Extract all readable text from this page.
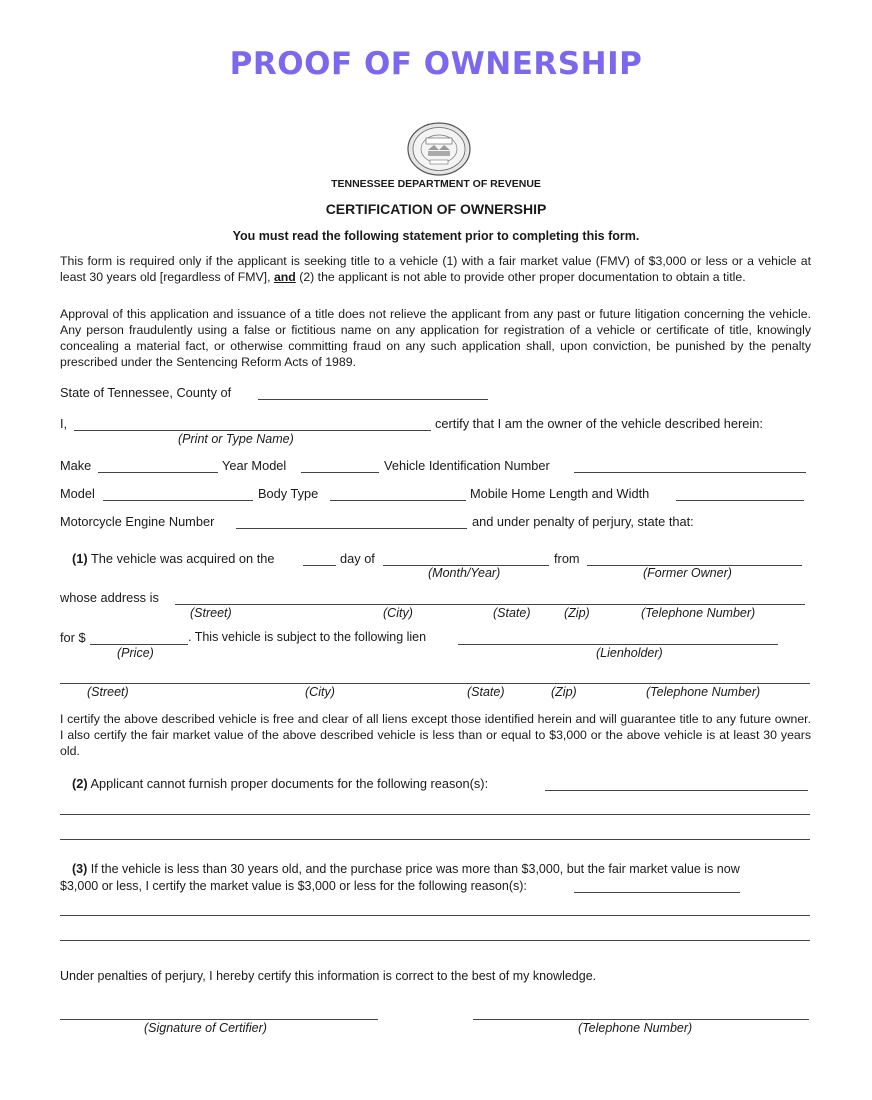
PROOF OF OWNERSHIP
TENNESSEE DEPARTMENT OF REVENUE
CERTIFICATION OF OWNERSHIP
You must read the following statement prior to completing this form.
This form is required only if the applicant is seeking title to a vehicle (1) with a fair market value (FMV) of $3,000 or less or a vehicle at least 30 years old [regardless of FMV], and (2) the applicant is not able to provide other proper documentation to obtain a title.
Approval of this application and issuance of a title does not relieve the applicant from any past or future litigation concerning the vehicle. Any person fraudulently using a false or fictitious name on any application for registration of a vehicle or certificate of title, knowingly concealing a material fact, or otherwise committing fraud on any such application shall, upon conviction, be punished by the penalty prescribed under the Sentencing Reform Acts of 1989.
State of Tennessee, County of
I,	certify that I am the owner of the vehicle described herein:
(Print or Type Name)
Make	Year Model	Vehicle Identification Number
Model	Body Type	Mobile Home Length and Width
Motorcycle Engine Number	and under penalty of perjury, state that:
(1) The vehicle was acquired on the	day of	from
(Month/Year)	(Former Owner)
whose address is
(Street)	(City)	(State)	(Zip)	(Telephone Number)
for $	. This vehicle is subject to the following lien
(Price)	(Lienholder)
(Street)	(City)	(State)	(Zip)	(Telephone Number)
I certify the above described vehicle is free and clear of all liens except those identified herein and will guarantee title to any future owner. I also certify the fair market value of the above described vehicle is less than or equal to $3,000 or the above vehicle is at least 30 years old.
(2) Applicant cannot furnish proper documents for the following reason(s):
(3) If the vehicle is less than 30 years old, and the purchase price was more than $3,000, but the fair market value is now
$3,000 or less, I certify the market value is $3,000 or less for the following reason(s):
Under penalties of perjury, I hereby certify this information is correct to the best of my knowledge.
(Signature of Certifier)	(Telephone Number)
